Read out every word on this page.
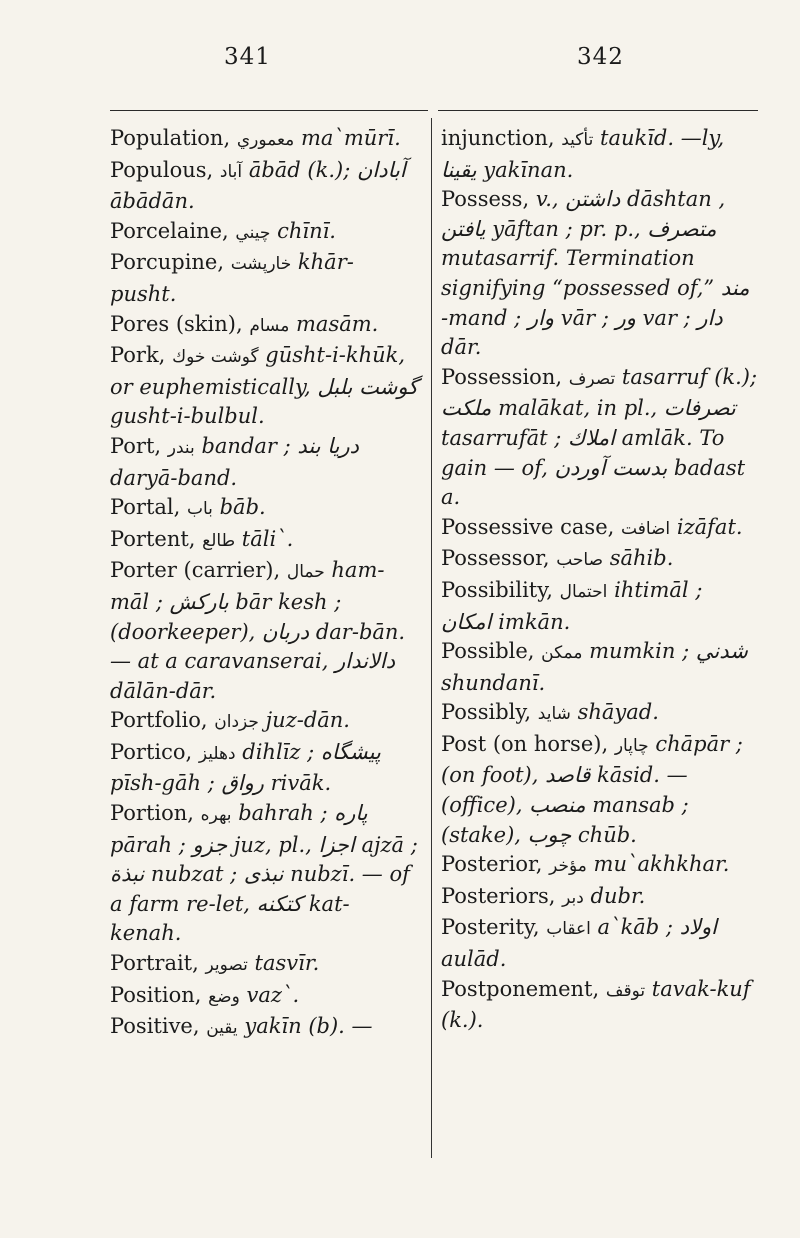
341	342

Population, معموري ma`mūrī.

Populous, آباد ābād (k.); آبادان ābādān.

Porcelaine, چيني chīnī.

Porcupine, خارپشت khār-pusht.

Pores (skin), مسام masām.

Pork, گوشت خوك gūsht-i-khūk, or euphemistically, گوشت بلبل gusht-i-bulbul.

Port, بندر bandar ; دريا بند daryā-band.

Portal, باب bāb.

Portent, طالع tāli`.

Porter (carrier), حمال ham-māl ; باركش bār kesh ; (doorkeeper), دربان dar-bān. — at a caravanserai, دالاندار dālān-dār.

Portfolio, جزدان juz-dān.

Portico, دهليز dihlīz ; پيشگاه pīsh-gāh ; رواق rivāk.

Portion, بهره bahrah ; پاره pārah ; جزو juz, pl., اجزا ajzā ; نبذة nubzat ; نبذى nubzī. — of a farm re-let, كتكنه kat-kenah.

Portrait, تصوير tasvīr.

Position, وضع vaz`.

Positive, يقين yakīn (b). —

injunction, تأكيد taukīd. —ly, يقينا yakīnan.

Possess, v., داشتن dāshtan , يافتن yāftan ; pr. p., متصرف mutasarrif. Termination signifying “possessed of,” مند -mand ; وار vār ; ور var ; دار dār.

Possession, تصرف tasarruf (k.); ملكت malākat, in pl., تصرفات tasarrufāt ; املاك amlāk. To gain — of, بدست آوردن badast a.

Possessive case, اضافت izāfat.

Possessor, صاحب sāhib.

Possibility, احتمال ihtimāl ; امكان imkān.

Possible, ممكن mumkin ; شدني shundanī.

Possibly, شايد shāyad.

Post (on horse), چاپار chāpār ; (on foot), قاصد kāsid. — (office), منصب mansab ; (stake), چوب chūb.

Posterior, مؤخر mu`akhkhar.

Posteriors, دبر dubr.

Posterity, اعقاب a`kāb ; اولاد aulād.

Postponement, توقف tavak-kuf (k.).
